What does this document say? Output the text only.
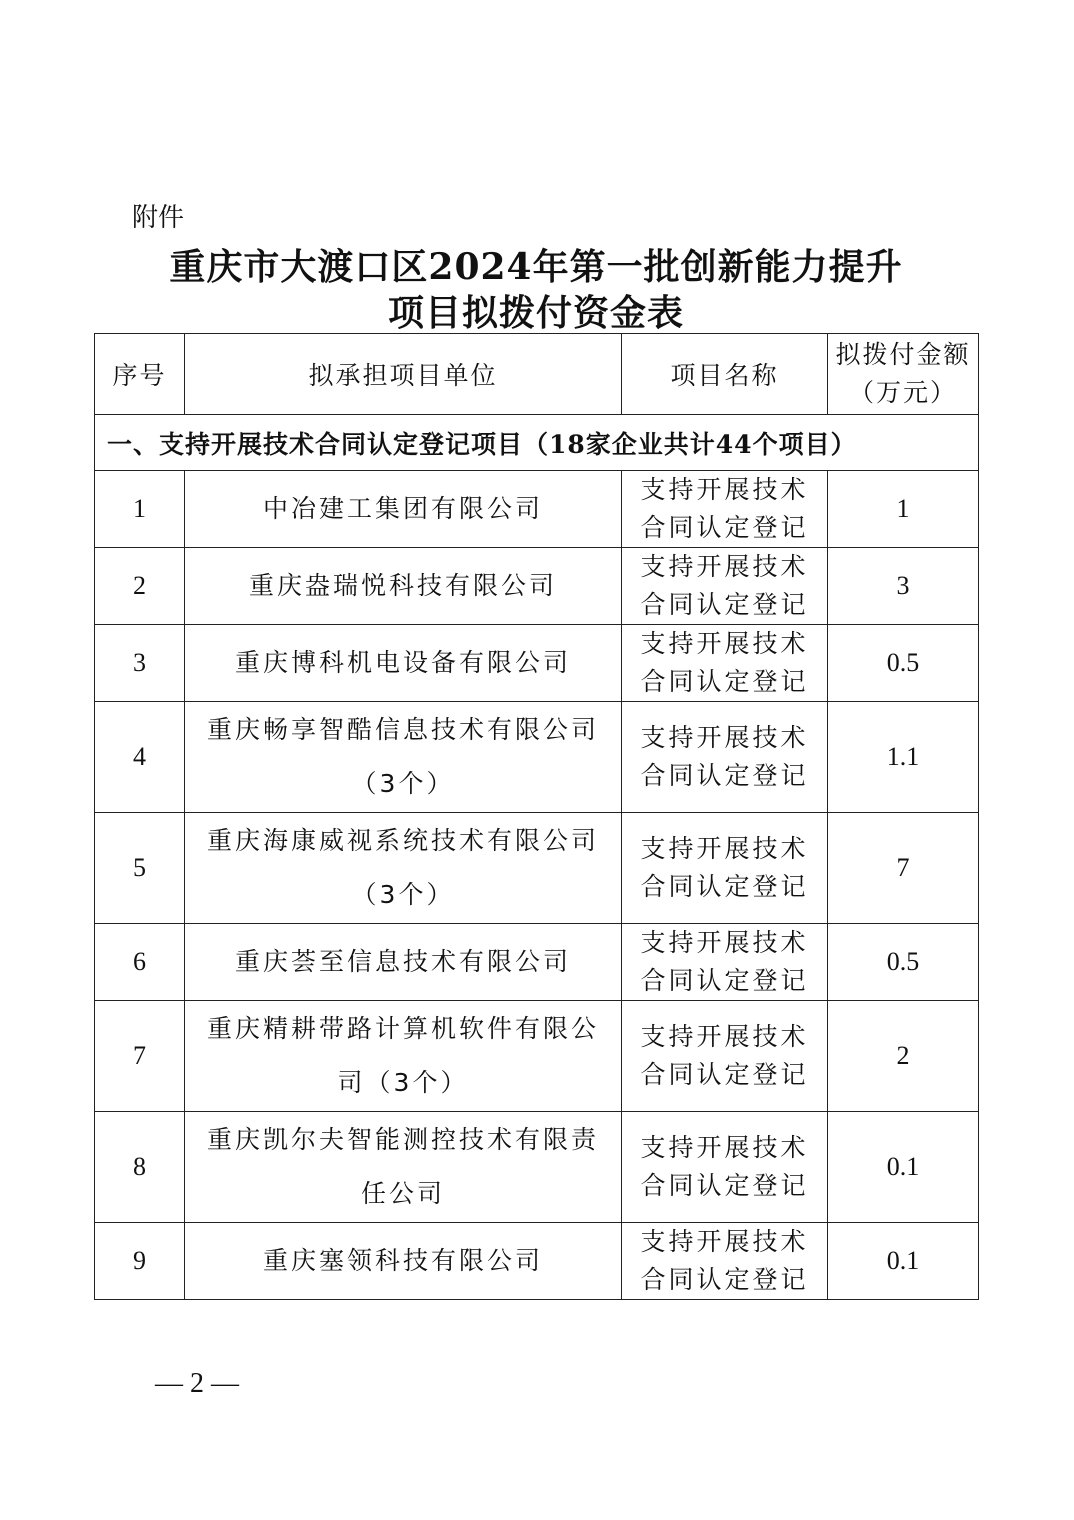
附件
重庆市大渡口区2024年第一批创新能力提升
项目拟拨付资金表
序号	拟承担项目单位	项目名称	拟拨付金额（万元）
一、支持开展技术合同认定登记项目（18家企业共计44个项目）			
1	中冶建工集团有限公司	支持开展技术合同认定登记	1
2	重庆盎瑞悦科技有限公司	支持开展技术合同认定登记	3
3	重庆博科机电设备有限公司	支持开展技术合同认定登记	0.5
4	重庆畅享智酷信息技术有限公司（3个）	支持开展技术合同认定登记	1.1
5	重庆海康威视系统技术有限公司（3个）	支持开展技术合同认定登记	7
6	重庆荟至信息技术有限公司	支持开展技术合同认定登记	0.5
7	重庆精耕带路计算机软件有限公司（3个）	支持开展技术合同认定登记	2
8	重庆凯尔夫智能测控技术有限责任公司	支持开展技术合同认定登记	0.1
9	重庆塞领科技有限公司	支持开展技术合同认定登记	0.1
— 2 —
